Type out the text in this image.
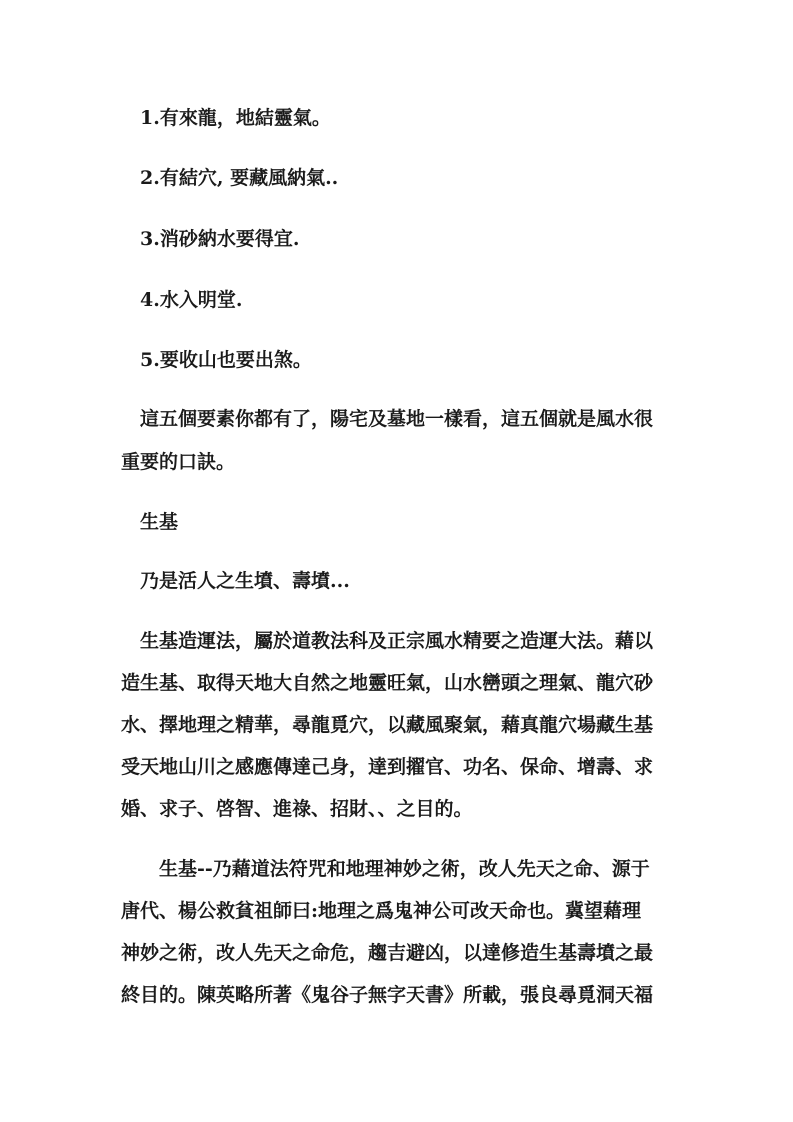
1.有來龍，地結靈氣。
2.有結穴, 要藏風納氣..
3.消砂納水要得宜.
4.水入明堂.
5.要收山也要出煞。
這五個要素你都有了，陽宅及墓地一樣看，這五個就是風水很
重要的口訣。
生基
乃是活人之生墳、壽墳...
生基造運法，屬於道教法科及正宗風水精要之造運大法。藉以
造生基、取得天地大自然之地靈旺氣，山水巒頭之理氣、龍穴砂
水、擇地理之精華，尋龍覓穴，以藏風聚氣，藉真龍穴場藏生基
受天地山川之感應傳達己身，達到擢官、功名、保命、增壽、求
婚、求子、啓智、進祿、招財、、之目的。
生基--乃藉道法符咒和地理神妙之術，改人先天之命、源于
唐代、楊公救貧祖師曰:地理之爲鬼神公可改天命也。冀望藉理
神妙之術，改人先天之命危，趨吉避凶，以達修造生基壽墳之最
終目的。陳英略所著《鬼谷子無字天書》所載，張良尋覓洞天福
